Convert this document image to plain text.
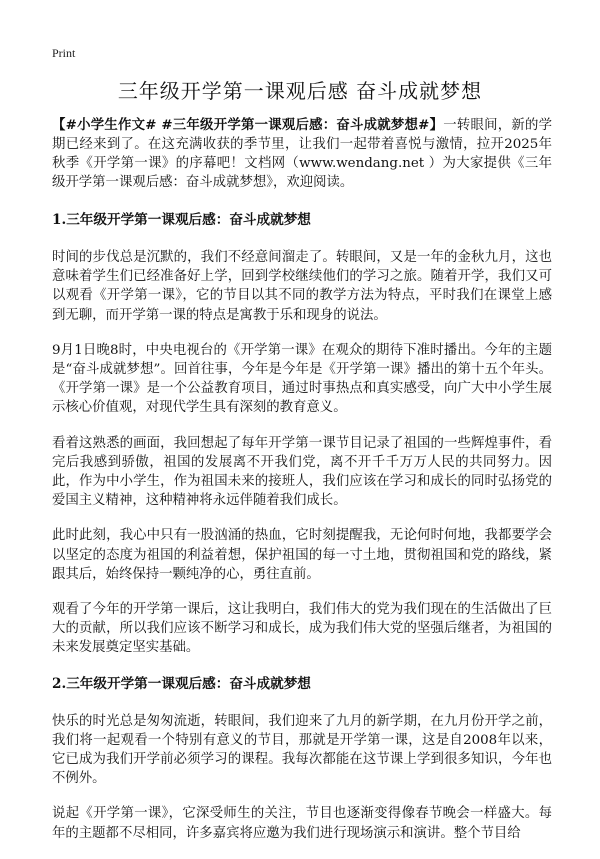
Print
三年级开学第一课观后感 奋斗成就梦想

【#小学生作文# #三年级开学第一课观后感：奋斗成就梦想#】一转眼间，新的学期已经来到了。在这充满收获的季节里，让我们一起带着喜悦与激情，拉开2025年秋季《开学第一课》的序幕吧！文档网（www.wendang.net ）为大家提供《三年级开学第一课观后感：奋斗成就梦想》，欢迎阅读。

1.三年级开学第一课观后感：奋斗成就梦想

时间的步伐总是沉默的，我们不经意间溜走了。转眼间，又是一年的金秋九月，这也意味着学生们已经准备好上学，回到学校继续他们的学习之旅。随着开学，我们又可以观看《开学第一课》，它的节目以其不同的教学方法为特点，平时我们在课堂上感到无聊，而开学第一课的特点是寓教于乐和现身的说法。

9月1日晚8时，中央电视台的《开学第一课》在观众的期待下准时播出。今年的主题是“奋斗成就梦想”。回首往事，今年是今年是《开学第一课》播出的第十五个年头。《开学第一课》是一个公益教育项目，通过时事热点和真实感受，向广大中小学生展示核心价值观，对现代学生具有深刻的教育意义。

看着这熟悉的画面，我回想起了每年开学第一课节目记录了祖国的一些辉煌事件，看完后我感到骄傲，祖国的发展离不开我们党，离不开千千万万人民的共同努力。因此，作为中小学生，作为祖国未来的接班人，我们应该在学习和成长的同时弘扬党的爱国主义精神，这种精神将永远伴随着我们成长。

此时此刻，我心中只有一股汹涌的热血，它时刻提醒我，无论何时何地，我都要学会以坚定的态度为祖国的利益着想，保护祖国的每一寸土地，贯彻祖国和党的路线，紧跟其后，始终保持一颗纯净的心，勇往直前。

观看了今年的开学第一课后，这让我明白，我们伟大的党为我们现在的生活做出了巨大的贡献，所以我们应该不断学习和成长，成为我们伟大党的坚强后继者，为祖国的未来发展奠定坚实基础。

2.三年级开学第一课观后感：奋斗成就梦想

快乐的时光总是匆匆流逝，转眼间，我们迎来了九月的新学期，在九月份开学之前，我们将一起观看一个特别有意义的节目，那就是开学第一课，这是自2008年以来，它已成为我们开学前必须学习的课程。我每次都能在这节课上学到很多知识，今年也不例外。

说起《开学第一课》，它深受师生的关注，节目也逐渐变得像春节晚会一样盛大。每年的主题都不尽相同，许多嘉宾将应邀为我们进行现场演示和演讲。整个节目给
